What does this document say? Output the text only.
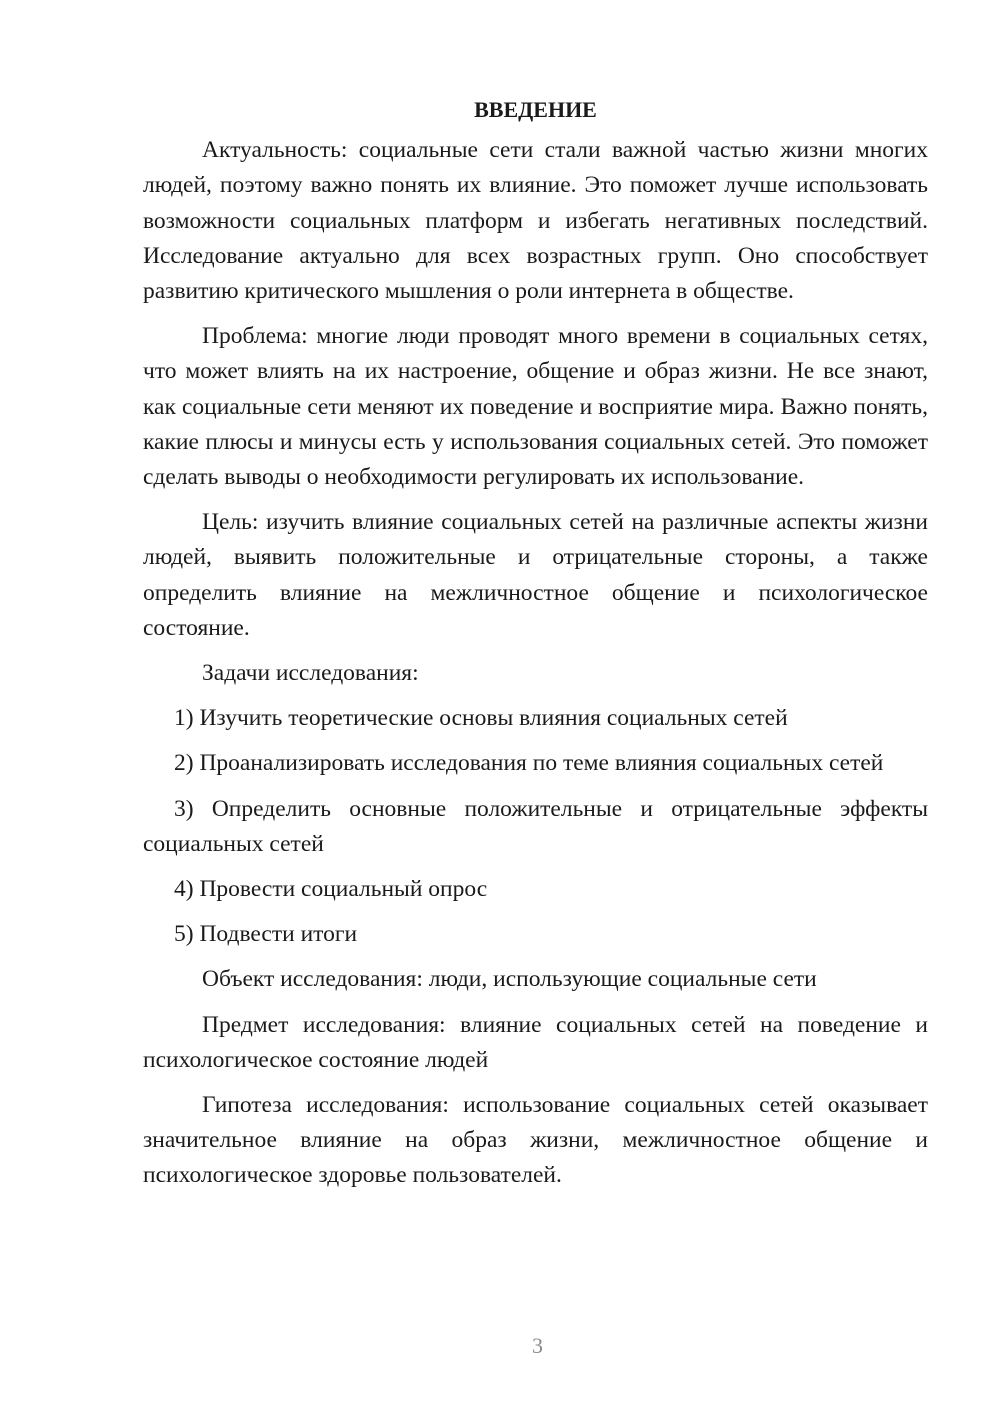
ВВЕДЕНИЕ

Актуальность: социальные сети стали важной частью жизни многих людей, поэтому важно понять их влияние. Это поможет лучше использовать возможности социальных платформ и избегать негативных последствий. Исследование актуально для всех возрастных групп. Оно способствует развитию критического мышления о роли интернета в обществе.

Проблема: многие люди проводят много времени в социальных сетях, что может влиять на их настроение, общение и образ жизни. Не все знают, как социальные сети меняют их поведение и восприятие мира. Важно понять, какие плюсы и минусы есть у использования социальных сетей. Это поможет сделать выводы о необходимости регулировать их использование.

Цель: изучить влияние социальных сетей на различные аспекты жизни людей, выявить положительные и отрицательные стороны, а также определить влияние на межличностное общение и психологическое состояние.

Задачи исследования:

1) Изучить теоретические основы влияния социальных сетей

2) Проанализировать исследования по теме влияния социальных сетей

3) Определить основные положительные и отрицательные эффекты социальных сетей

4) Провести социальный опрос

5) Подвести итоги

Объект исследования: люди, использующие социальные сети

Предмет исследования: влияние социальных сетей на поведение и психологическое состояние людей

Гипотеза исследования: использование социальных сетей оказывает значительное влияние на образ жизни, межличностное общение и психологическое здоровье пользователей.

3
